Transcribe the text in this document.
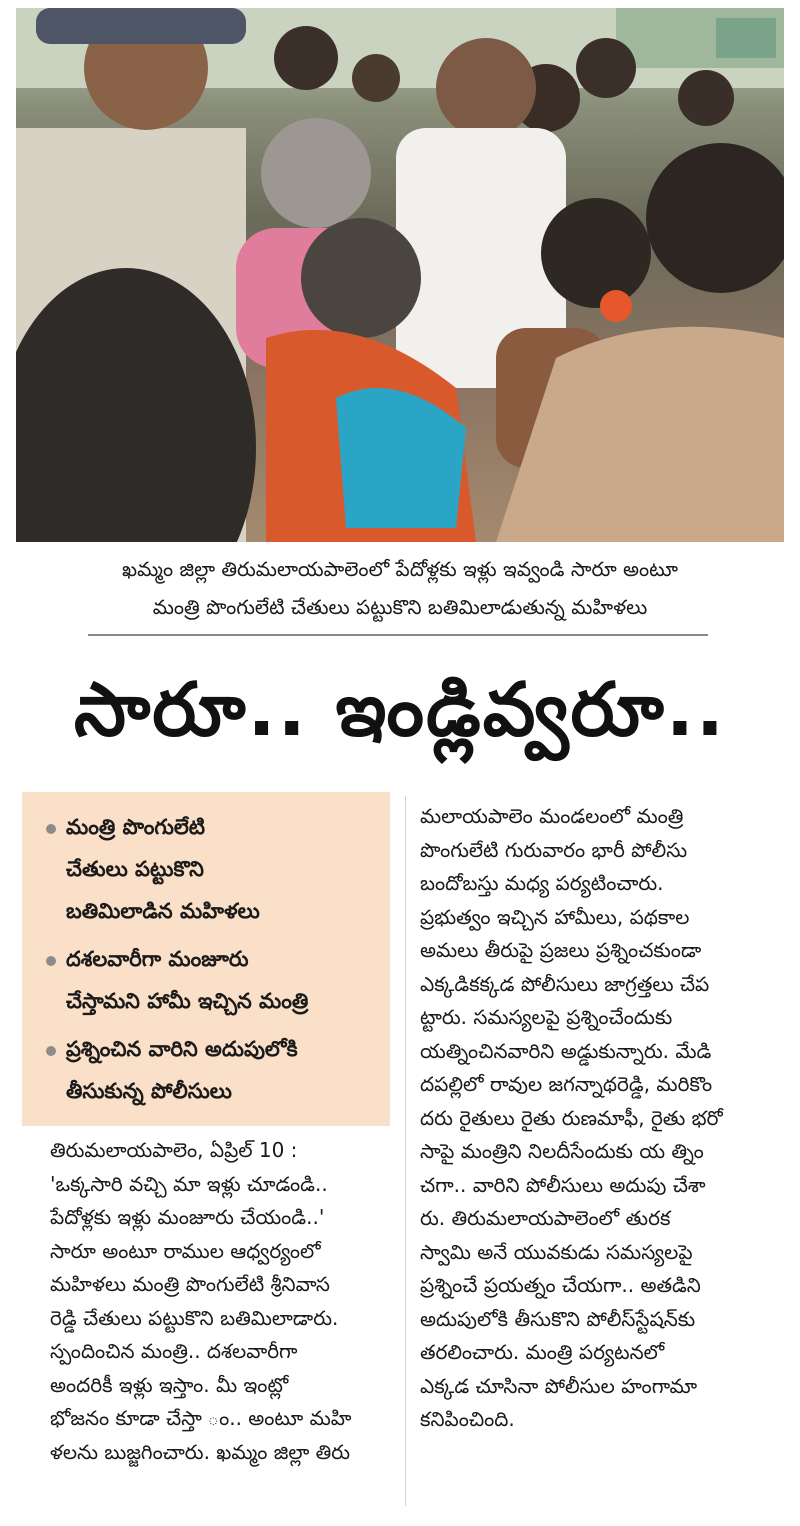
ఖమ్మం జిల్లా తిరుమలాయపాలెంలో పేదోళ్లకు ఇళ్లు ఇవ్వండి సారూ అంటూ
మంత్రి పొంగులేటి చేతులు పట్టుకొని బతిమిలాడుతున్న మహిళలు
సారూ.. ఇండ్లివ్వరూ..
మంత్రి పొంగులేటి
చేతులు పట్టుకొని
బతిమిలాడిన మహిళలు
దశలవారీగా మంజూరు
చేస్తామని హామీ ఇచ్చిన మంత్రి
ప్రశ్నించిన వారిని అదుపులోకి
తీసుకున్న పోలీసులు
తిరుమలాయపాలెం, ఏప్రిల్ 10 :
'ఒక్కసారి వచ్చి మా ఇళ్లు చూడండి..
పేదోళ్లకు ఇళ్లు మంజూరు చేయండి..'
సారూ అంటూ రాముల ఆధ్వర్యంలో
మహిళలు మంత్రి పొంగులేటి శ్రీనివాస
రెడ్డి చేతులు పట్టుకొని బతిమిలాడారు.
స్పందించిన మంత్రి.. దశలవారీగా
అందరికీ ఇళ్లు ఇస్తాం. మీ ఇంట్లో
భోజనం కూడా చేస్తా ం.. అంటూ మహి
ళలను బుజ్జగించారు. ఖమ్మం జిల్లా తిరు
మలాయపాలెం మండలంలో మంత్రి
పొంగులేటి గురువారం భారీ పోలీసు
బందోబస్తు మధ్య పర్యటించారు.
ప్రభుత్వం ఇచ్చిన హామీలు, పథకాల
అమలు తీరుపై ప్రజలు ప్రశ్నించకుండా
ఎక్కడికక్కడ పోలీసులు జాగ్రత్తలు చేప
ట్టారు. సమస్యలపై ప్రశ్నించేందుకు
యత్నించినవారిని అడ్డుకున్నారు. మేడి
దపల్లిలో రావుల జగన్నాథరెడ్డి, మరికొం
దరు రైతులు రైతు రుణమాఫీ, రైతు భరో
సాపై మంత్రిని నిలదీసేందుకు య త్నిం
చగా.. వారిని పోలీసులు అదుపు చేశా
రు. తిరుమలాయపాలెంలో తురక
స్వామి అనే యువకుడు సమస్యలపై
ప్రశ్నించే ప్రయత్నం చేయగా.. అతడిని
అదుపులోకి తీసుకొని పోలీస్‌స్టేషన్‌కు
తరలించారు. మంత్రి పర్యటనలో
ఎక్కడ చూసినా పోలీసుల హంగామా
కనిపించింది.
